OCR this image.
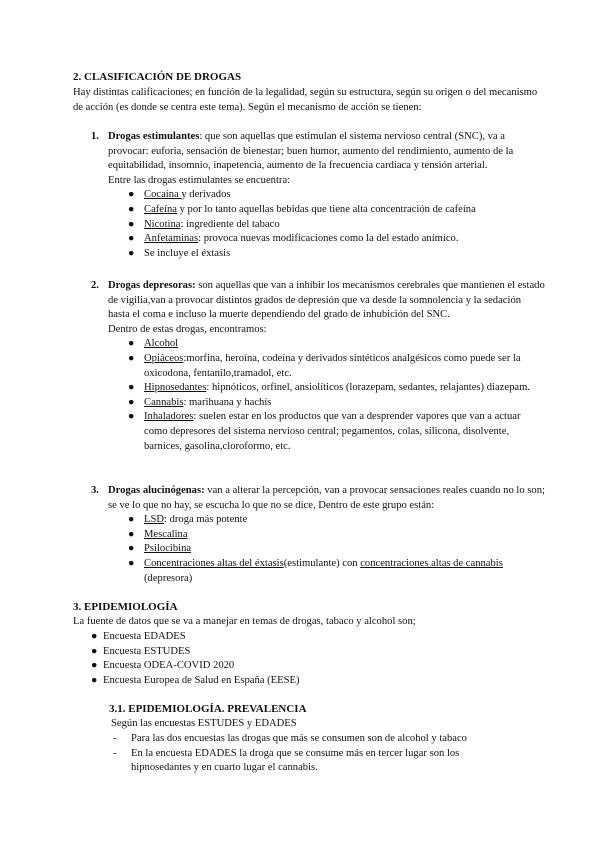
2. CLASIFICACIÓN DE DROGAS
Hay distintas calificaciones; en función de la legalidad, según su estructura, según su origen o del mecanismo de acción (es donde se centra este tema). Según el mecanismo de acción se tienen:
1. Drogas estimulantes: que son aquellas que estimulan el sistema nervioso central (SNC), va a provocar: euforia, sensación de bienestar; buen humor, aumento del rendimiento, aumento de la equitabilidad, insomnio, inapetencia, aumento de la frecuencia cardiaca y tensión arterial.
Entre las drogas estimulantes se encuentra:
● Cocaína y derivados
● Cafeína y por lo tanto aquellas bebidas que tiene alta concentración de cafeína
● Nicotina: ingrediente del tabaco
● Anfetaminas: provoca nuevas modificaciones como la del estado anímico.
● Se incluye el éxtasis
2. Drogas depresoras: son aquellas que van a inhibir los mecanismos cerebrales que mantienen el estado de vigilia,van a provocar distintos grados de depresión que va desde la somnolencia y la sedación hasta el coma e incluso la muerte dependiendo del grado de inhubición del SNC.
Dentro de estas drogas, encontramos:
● Alcohol
● Opiáceos:morfina, heroína, codeína y derivados sintéticos analgésicos como puede ser la oxicodona, fentanilo,tramadol, etc.
● Hipnosedantes: hipnóticos, orfinel, ansiolíticos (lorazepam, sedantes, relajantes) diazepam.
● Cannabis: marihuana y hachís
● Inhaladores: suelen estar en los productos que van a desprender vapores que van a actuar como depresores del sistema nervioso central; pegamentos, colas, silicona, disolvente, barnices, gasolina,cloroformo, etc.
3. Drogas alucinógenas: van a alterar la percepción, van a provocar sensaciones reales cuando no lo son; se ve lo que no hay, se escucha lo que no se dice, Dentro de este grupo están:
● LSD: droga más potente
● Mescalina
● Psilocibina
● Concentraciones altas del éxtasis(estimulante) con concentraciones altas de cannabis (depresora)
3. EPIDEMIOLOGÍA
La fuente de datos que se va a manejar en temas de drogas, tabaco y alcohol son;
● Encuesta EDADES
● Encuesta ESTUDES
● Encuesta ODEA-COVID 2020
● Encuesta Europea de Salud en España (EESE)
3.1. EPIDEMIOLOGÍA. PREVALENCIA
Según las encuestas ESTUDES y EDADES
- Para las dos encuestas las drogas que más se consumen son de alcohol y tabaco
- En la encuesta EDADES la droga que se consume más en tercer lugar son los hipnosedantes y en cuarto lugar el cannabis.
